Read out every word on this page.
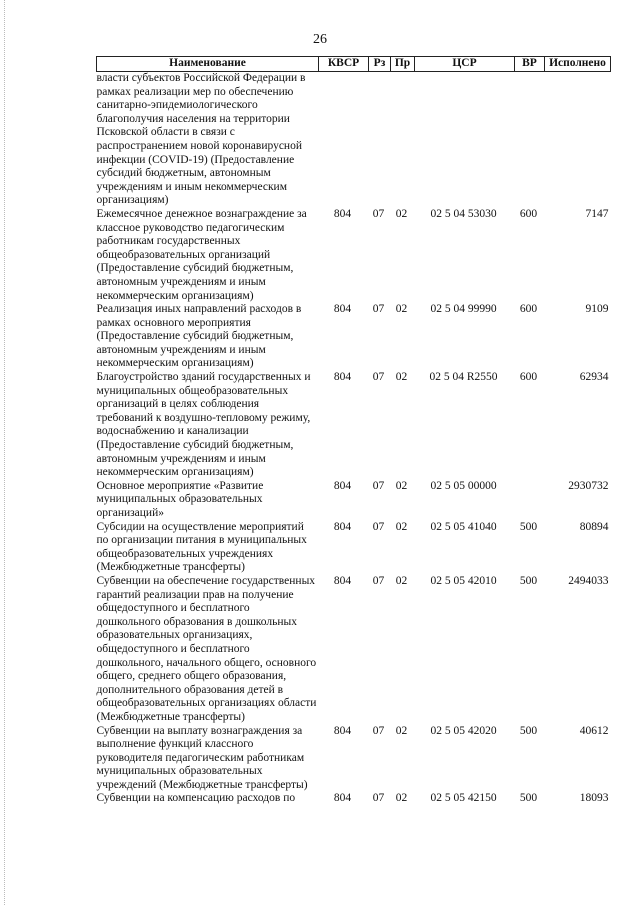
26
Наименование	КВСР	Рз	Пр	ЦСР	ВР	Исполнено
власти субъектов Российской Федерации в рамках реализации мер по обеспечению санитарно-эпидемиологического благополучия населения на территории Псковской области в связи с распространением новой коронавирусной инфекции (COVID-19) (Предоставление субсидий бюджетным, автономным учреждениям и иным некоммерческим организациям)						
Ежемесячное денежное вознаграждение за классное руководство педагогическим работникам государственных общеобразовательных организаций (Предоставление субсидий бюджетным, автономным учреждениям и иным некоммерческим организациям)	804	07	02	02 5 04 53030	600	7147
Реализация иных направлений расходов в рамках основного мероприятия (Предоставление субсидий бюджетным, автономным учреждениям и иным некоммерческим организациям)	804	07	02	02 5 04 99990	600	9109
Благоустройство зданий государственных и муниципальных общеобразовательных организаций в целях соблюдения требований к воздушно-тепловому режиму, водоснабжению и канализации (Предоставление субсидий бюджетным, автономным учреждениям и иным некоммерческим организациям)	804	07	02	02 5 04 R2550	600	62934
Основное мероприятие «Развитие муниципальных образовательных организаций»	804	07	02	02 5 05 00000		2930732
Субсидии на осуществление мероприятий по организации питания в муниципальных общеобразовательных учреждениях (Межбюджетные трансферты)	804	07	02	02 5 05 41040	500	80894
Субвенции на обеспечение государственных гарантий реализации прав на получение общедоступного и бесплатного дошкольного образования в дошкольных образовательных организациях, общедоступного и бесплатного дошкольного, начального общего, основного общего, среднего общего образования, дополнительного образования детей в общеобразовательных организациях области (Межбюджетные трансферты)	804	07	02	02 5 05 42010	500	2494033
Субвенции на выплату вознаграждения за выполнение функций классного руководителя педагогическим работникам муниципальных образовательных учреждений (Межбюджетные трансферты)	804	07	02	02 5 05 42020	500	40612
Субвенции на компенсацию расходов по	804	07	02	02 5 05 42150	500	18093
